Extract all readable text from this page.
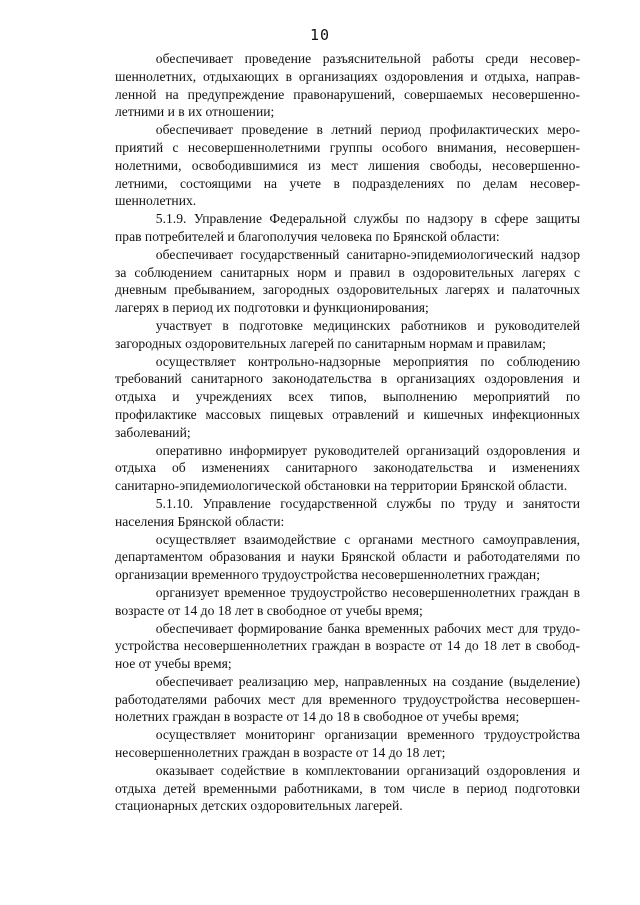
10

обеспечивает проведение разъяснительной работы среди несовер-
шеннолетних, отдыхающих в организациях оздоровления и отдыха, направ-
ленной на предупреждение правонарушений, совершаемых несовершенно-
летними и в их отношении;

обеспечивает проведение в летний период профилактических меро-
приятий с несовершеннолетними группы особого внимания, несовершен-
нолетними, освободившимися из мест лишения свободы, несовершенно-
летними, состоящими на учете в подразделениях по делам несовер-
шеннолетних.

5.1.9. Управление Федеральной службы по надзору в сфере защиты
прав потребителей и благополучия человека по Брянской области:

обеспечивает государственный санитарно-эпидемиологический надзор
за соблюдением санитарных норм и правил в оздоровительных лагерях с
дневным пребыванием, загородных оздоровительных лагерях и палаточных
лагерях в период их подготовки и функционирования;

участвует в подготовке медицинских работников и руководителей
загородных оздоровительных лагерей по санитарным нормам и правилам;

осуществляет контрольно-надзорные мероприятия по соблюдению
требований санитарного законодательства в организациях оздоровления и
отдыха и учреждениях всех типов, выполнению мероприятий по
профилактике массовых пищевых отравлений и кишечных инфекционных
заболеваний;

оперативно информирует руководителей организаций оздоровления и
отдыха об изменениях санитарного законодательства и изменениях
санитарно-эпидемиологической обстановки на территории Брянской области.

5.1.10. Управление государственной службы по труду и занятости
населения Брянской области:

осуществляет взаимодействие с органами местного самоуправления,
департаментом образования и науки Брянской области и работодателями по
организации временного трудоустройства несовершеннолетних граждан;

организует временное трудоустройство несовершеннолетних граждан в
возрасте от 14 до 18 лет в свободное от учебы время;

обеспечивает формирование банка временных рабочих мест для трудо-
устройства несовершеннолетних граждан в возрасте от 14 до 18 лет в свобод-
ное от учебы время;

обеспечивает реализацию мер, направленных на создание (выделение)
работодателями рабочих мест для временного трудоустройства несовершен-
нолетних граждан в возрасте от 14 до 18 в свободное от учебы время;

осуществляет мониторинг организации временного трудоустройства
несовершеннолетних граждан в возрасте от 14 до 18 лет;

оказывает содействие в комплектовании организаций оздоровления и
отдыха детей временными работниками, в том числе в период подготовки
стационарных детских оздоровительных лагерей.
